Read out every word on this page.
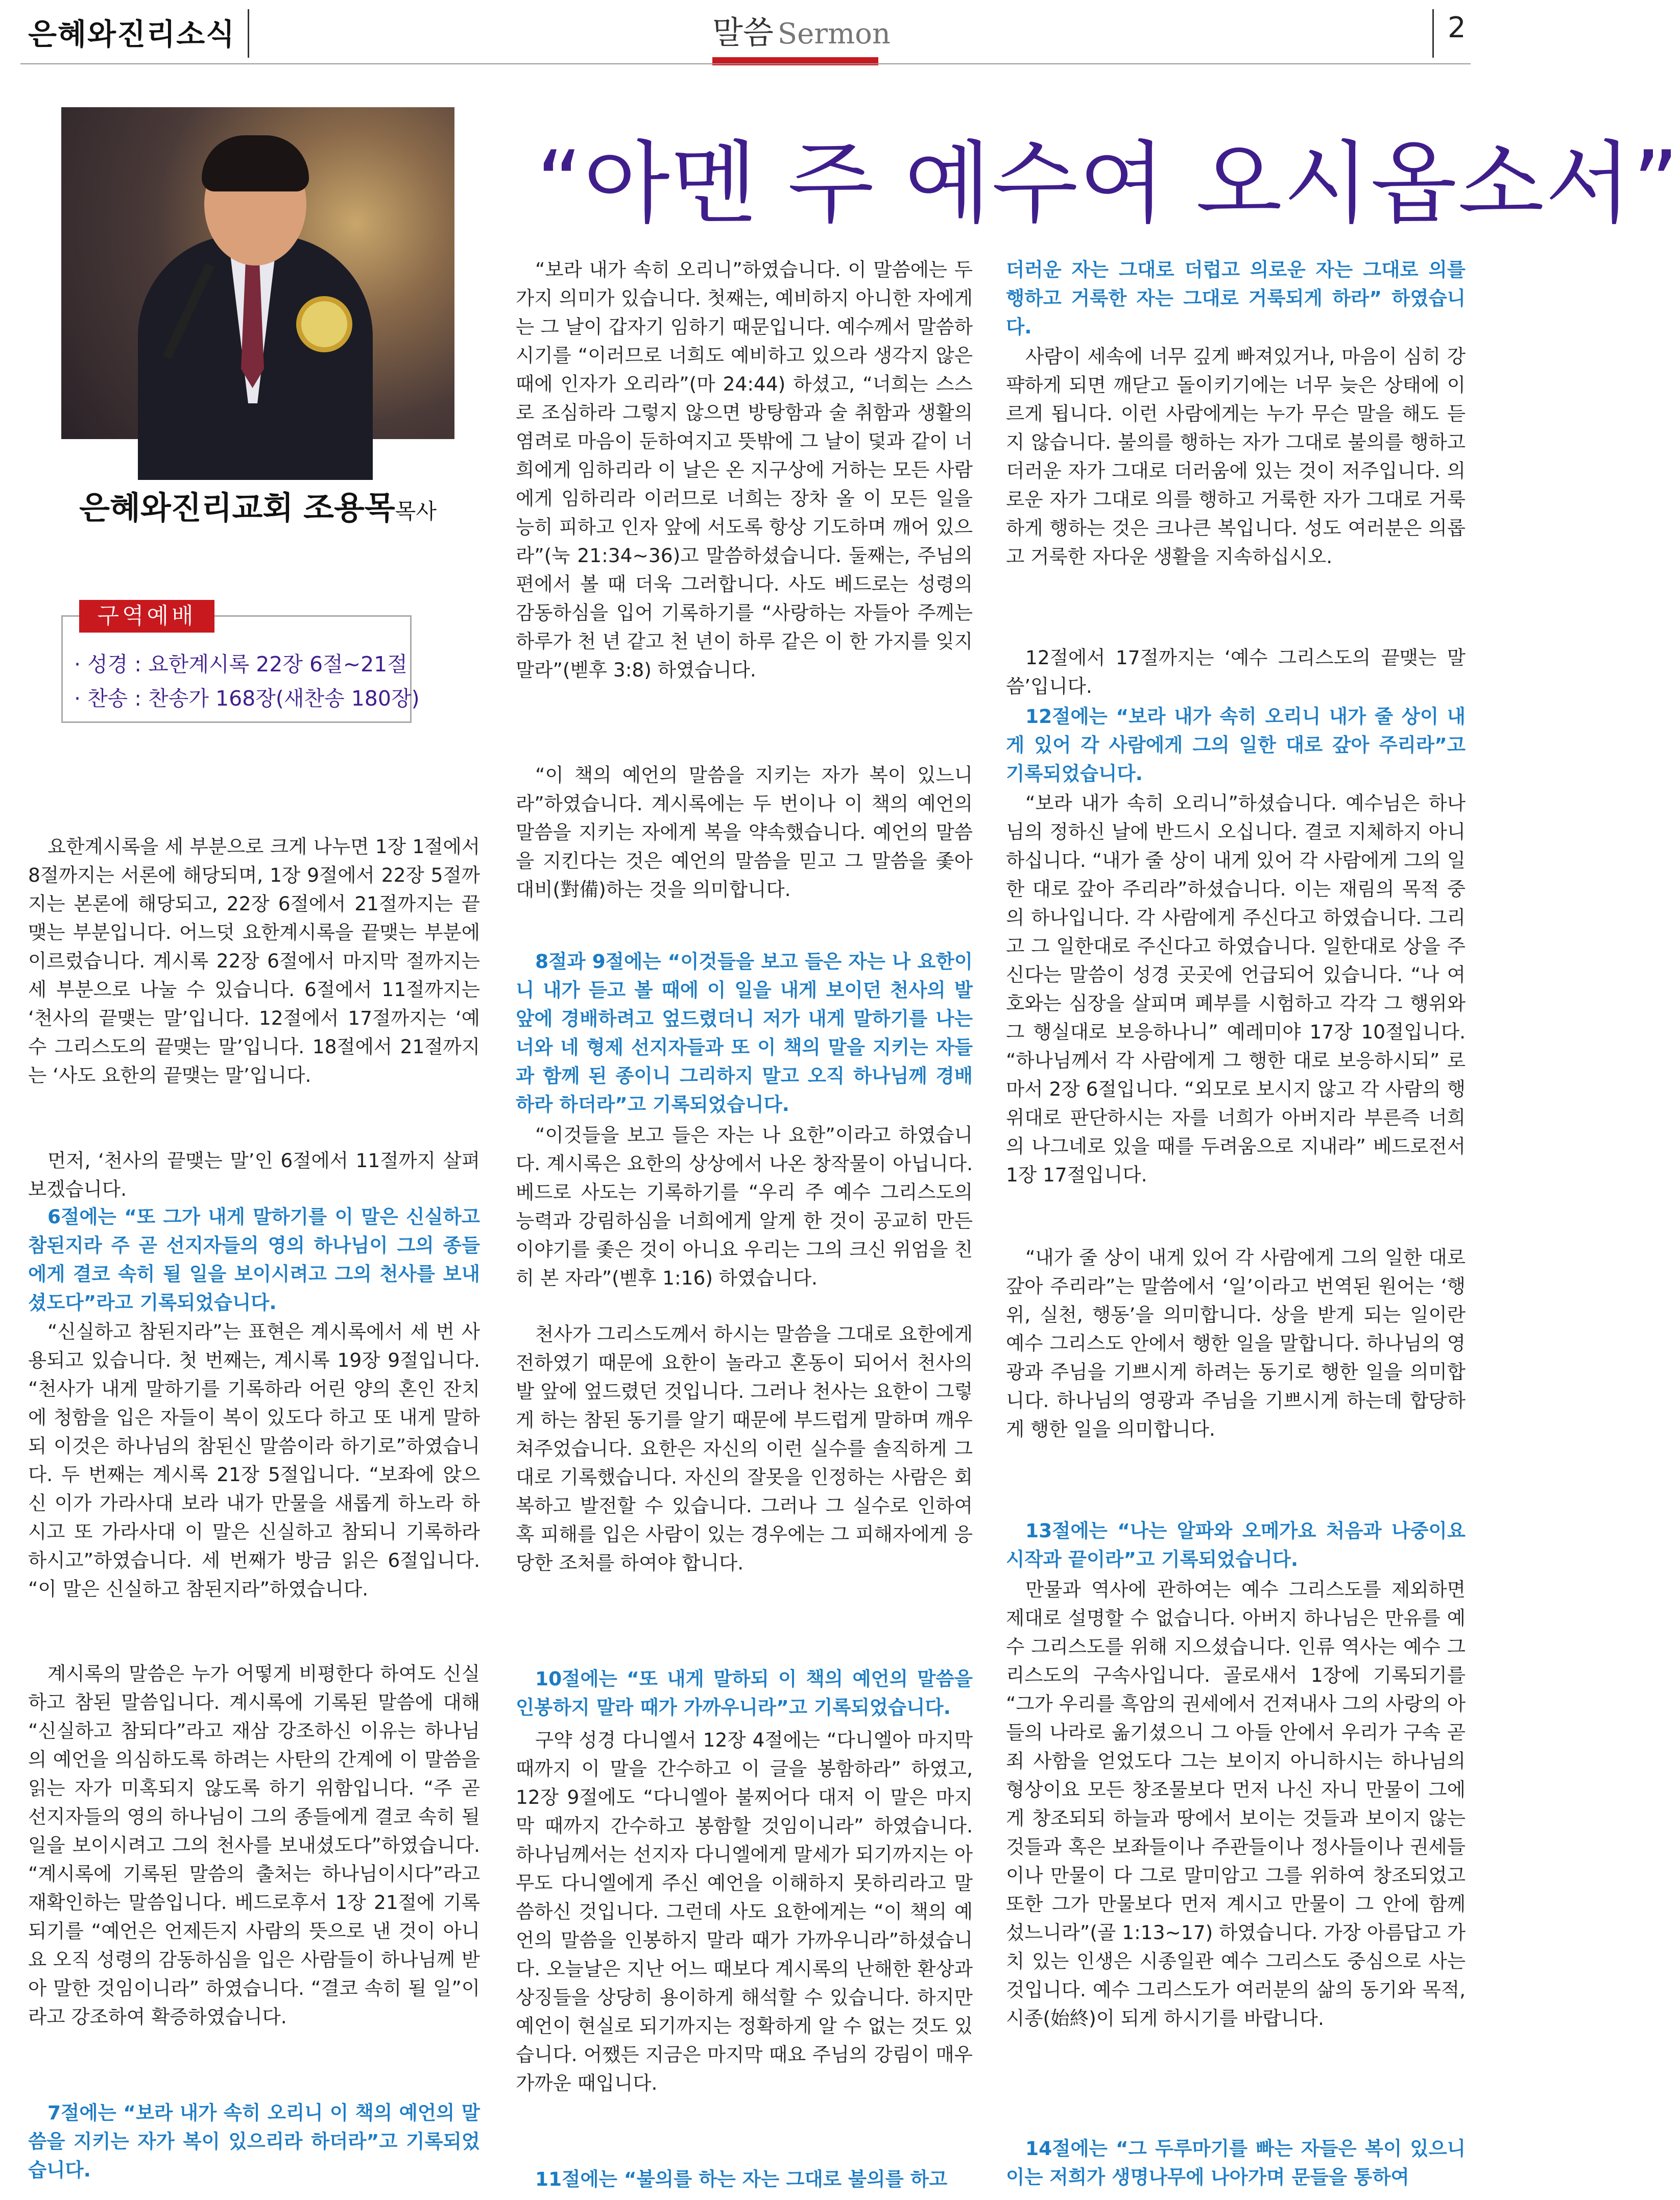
은혜와진리소식	말씀 Sermon	2
“아멘 주 예수여 오시옵소서”
은혜와진리교회 조용목목사
구역예배
· 성경 : 요한계시록 22장 6절~21절
· 찬송 : 찬송가 168장(새찬송 180장)
요한계시록을 세 부분으로 크게 나누면 1장 1절에서 8절까지는 서론에 해당되며, 1장 9절에서 22장 5절까지는 본론에 해당되고, 22장 6절에서 21절까지는 끝맺는 부분입니다. 어느덧 요한계시록을 끝맺는 부분에 이르렀습니다. 계시록 22장 6절에서 마지막 절까지는 세 부분으로 나눌 수 있습니다. 6절에서 11절까지는 ‘천사의 끝맺는 말’입니다. 12절에서 17절까지는 ‘예수 그리스도의 끝맺는 말’입니다. 18절에서 21절까지는 ‘사도 요한의 끝맺는 말’입니다.
먼저, ‘천사의 끝맺는 말’인 6절에서 11절까지 살펴보겠습니다.
6절에는 “또 그가 내게 말하기를 이 말은 신실하고 참된지라 주 곧 선지자들의 영의 하나님이 그의 종들에게 결코 속히 될 일을 보이시려고 그의 천사를 보내셨도다”라고 기록되었습니다.
“신실하고 참된지라”는 표현은 계시록에서 세 번 사용되고 있습니다. 첫 번째는, 계시록 19장 9절입니다. “천사가 내게 말하기를 기록하라 어린 양의 혼인 잔치에 청함을 입은 자들이 복이 있도다 하고 또 내게 말하되 이것은 하나님의 참된신 말씀이라 하기로”하였습니다. 두 번째는 계시록 21장 5절입니다. “보좌에 앉으신 이가 가라사대 보라 내가 만물을 새롭게 하노라 하시고 또 가라사대 이 말은 신실하고 참되니 기록하라 하시고”하였습니다. 세 번째가 방금 읽은 6절입니다. “이 말은 신실하고 참된지라”하였습니다.
계시록의 말씀은 누가 어떻게 비평한다 하여도 신실하고 참된 말씀입니다. 계시록에 기록된 말씀에 대해 “신실하고 참되다”라고 재삼 강조하신 이유는 하나님의 예언을 의심하도록 하려는 사탄의 간계에 이 말씀을 읽는 자가 미혹되지 않도록 하기 위함입니다. “주 곧 선지자들의 영의 하나님이 그의 종들에게 결코 속히 될 일을 보이시려고 그의 천사를 보내셨도다”하였습니다. “계시록에 기록된 말씀의 출처는 하나님이시다”라고 재확인하는 말씀입니다. 베드로후서 1장 21절에 기록되기를 “예언은 언제든지 사람의 뜻으로 낸 것이 아니요 오직 성령의 감동하심을 입은 사람들이 하나님께 받아 말한 것임이니라” 하였습니다. “결코 속히 될 일”이라고 강조하여 확증하였습니다.
7절에는 “보라 내가 속히 오리니 이 책의 예언의 말씀을 지키는 자가 복이 있으리라 하더라”고 기록되었습니다.
“보라 내가 속히 오리니”하였습니다. 이 말씀에는 두 가지 의미가 있습니다. 첫째는, 예비하지 아니한 자에게는 그 날이 갑자기 임하기 때문입니다. 예수께서 말씀하시기를 “이러므로 너희도 예비하고 있으라 생각지 않은 때에 인자가 오리라”(마 24:44) 하셨고, “너희는 스스로 조심하라 그렇지 않으면 방탕함과 술 취함과 생활의 염려로 마음이 둔하여지고 뜻밖에 그 날이 덫과 같이 너희에게 임하리라 이 날은 온 지구상에 거하는 모든 사람에게 임하리라 이러므로 너희는 장차 올 이 모든 일을 능히 피하고 인자 앞에 서도록 항상 기도하며 깨어 있으라”(눅 21:34~36)고 말씀하셨습니다. 둘째는, 주님의 편에서 볼 때 더욱 그러합니다. 사도 베드로는 성령의 감동하심을 입어 기록하기를 “사랑하는 자들아 주께는 하루가 천 년 같고 천 년이 하루 같은 이 한 가지를 잊지 말라”(벧후 3:8) 하였습니다.
“이 책의 예언의 말씀을 지키는 자가 복이 있느니라”하였습니다. 계시록에는 두 번이나 이 책의 예언의 말씀을 지키는 자에게 복을 약속했습니다. 예언의 말씀을 지킨다는 것은 예언의 말씀을 믿고 그 말씀을 좇아 대비(對備)하는 것을 의미합니다.
8절과 9절에는 “이것들을 보고 들은 자는 나 요한이니 내가 듣고 볼 때에 이 일을 내게 보이던 천사의 발 앞에 경배하려고 엎드렸더니 저가 내게 말하기를 나는 너와 네 형제 선지자들과 또 이 책의 말을 지키는 자들과 함께 된 종이니 그리하지 말고 오직 하나님께 경배하라 하더라”고 기록되었습니다.
“이것들을 보고 들은 자는 나 요한”이라고 하였습니다. 계시록은 요한의 상상에서 나온 창작물이 아닙니다. 베드로 사도는 기록하기를 “우리 주 예수 그리스도의 능력과 강림하심을 너희에게 알게 한 것이 공교히 만든 이야기를 좇은 것이 아니요 우리는 그의 크신 위엄을 친히 본 자라”(벧후 1:16) 하였습니다.
천사가 그리스도께서 하시는 말씀을 그대로 요한에게 전하였기 때문에 요한이 놀라고 혼동이 되어서 천사의 발 앞에 엎드렸던 것입니다. 그러나 천사는 요한이 그렇게 하는 참된 동기를 알기 때문에 부드럽게 말하며 깨우쳐주었습니다. 요한은 자신의 이런 실수를 솔직하게 그대로 기록했습니다. 자신의 잘못을 인정하는 사람은 회복하고 발전할 수 있습니다. 그러나 그 실수로 인하여 혹 피해를 입은 사람이 있는 경우에는 그 피해자에게 응당한 조처를 하여야 합니다.
10절에는 “또 내게 말하되 이 책의 예언의 말씀을 인봉하지 말라 때가 가까우니라”고 기록되었습니다.
구약 성경 다니엘서 12장 4절에는 “다니엘아 마지막 때까지 이 말을 간수하고 이 글을 봉함하라” 하였고, 12장 9절에도 “다니엘아 불찌어다 대저 이 말은 마지막 때까지 간수하고 봉함할 것임이니라” 하였습니다. 하나님께서는 선지자 다니엘에게 말세가 되기까지는 아무도 다니엘에게 주신 예언을 이해하지 못하리라고 말씀하신 것입니다. 그런데 사도 요한에게는 “이 책의 예언의 말씀을 인봉하지 말라 때가 가까우니라”하셨습니다. 오늘날은 지난 어느 때보다 계시록의 난해한 환상과 상징들을 상당히 용이하게 해석할 수 있습니다. 하지만 예언이 현실로 되기까지는 정확하게 알 수 없는 것도 있습니다. 어쨌든 지금은 마지막 때요 주님의 강림이 매우 가까운 때입니다.
11절에는 “불의를 하는 자는 그대로 불의를 하고
더러운 자는 그대로 더럽고 의로운 자는 그대로 의를 행하고 거룩한 자는 그대로 거룩되게 하라” 하였습니다.
사람이 세속에 너무 깊게 빠져있거나, 마음이 심히 강퍅하게 되면 깨닫고 돌이키기에는 너무 늦은 상태에 이르게 됩니다. 이런 사람에게는 누가 무슨 말을 해도 듣지 않습니다. 불의를 행하는 자가 그대로 불의를 행하고 더러운 자가 그대로 더러움에 있는 것이 저주입니다. 의로운 자가 그대로 의를 행하고 거룩한 자가 그대로 거룩하게 행하는 것은 크나큰 복입니다. 성도 여러분은 의롭고 거룩한 자다운 생활을 지속하십시오.
12절에서 17절까지는 ‘예수 그리스도의 끝맺는 말씀’입니다.
12절에는 “보라 내가 속히 오리니 내가 줄 상이 내게 있어 각 사람에게 그의 일한 대로 갚아 주리라”고 기록되었습니다.
“보라 내가 속히 오리니”하셨습니다. 예수님은 하나님의 정하신 날에 반드시 오십니다. 결코 지체하지 아니하십니다. “내가 줄 상이 내게 있어 각 사람에게 그의 일한 대로 갚아 주리라”하셨습니다. 이는 재림의 목적 중의 하나입니다. 각 사람에게 주신다고 하였습니다. 그리고 그 일한대로 주신다고 하였습니다. 일한대로 상을 주신다는 말씀이 성경 곳곳에 언급되어 있습니다. “나 여호와는 심장을 살피며 폐부를 시험하고 각각 그 행위와 그 행실대로 보응하나니” 예레미야 17장 10절입니다. “하나님께서 각 사람에게 그 행한 대로 보응하시되” 로마서 2장 6절입니다. “외모로 보시지 않고 각 사람의 행위대로 판단하시는 자를 너희가 아버지라 부른즉 너희의 나그네로 있을 때를 두려움으로 지내라” 베드로전서 1장 17절입니다.
“내가 줄 상이 내게 있어 각 사람에게 그의 일한 대로 갚아 주리라”는 말씀에서 ‘일’이라고 번역된 원어는 ‘행위, 실천, 행동’을 의미합니다. 상을 받게 되는 일이란 예수 그리스도 안에서 행한 일을 말합니다. 하나님의 영광과 주님을 기쁘시게 하려는 동기로 행한 일을 의미합니다. 하나님의 영광과 주님을 기쁘시게 하는데 합당하게 행한 일을 의미합니다.
13절에는 “나는 알파와 오메가요 처음과 나중이요 시작과 끝이라”고 기록되었습니다.
만물과 역사에 관하여는 예수 그리스도를 제외하면 제대로 설명할 수 없습니다. 아버지 하나님은 만유를 예수 그리스도를 위해 지으셨습니다. 인류 역사는 예수 그리스도의 구속사입니다. 골로새서 1장에 기록되기를 “그가 우리를 흑암의 권세에서 건져내사 그의 사랑의 아들의 나라로 옮기셨으니 그 아들 안에서 우리가 구속 곧 죄 사함을 얻었도다 그는 보이지 아니하시는 하나님의 형상이요 모든 창조물보다 먼저 나신 자니 만물이 그에게 창조되되 하늘과 땅에서 보이는 것들과 보이지 않는 것들과 혹은 보좌들이나 주관들이나 정사들이나 권세들이나 만물이 다 그로 말미암고 그를 위하여 창조되었고 또한 그가 만물보다 먼저 계시고 만물이 그 안에 함께 섰느니라”(골 1:13~17) 하였습니다. 가장 아름답고 가치 있는 인생은 시종일관 예수 그리스도 중심으로 사는 것입니다. 예수 그리스도가 여러분의 삶의 동기와 목적, 시종(始終)이 되게 하시기를 바랍니다.
14절에는 “그 두루마기를 빠는 자들은 복이 있으니 이는 저희가 생명나무에 나아가며 문들을 통하여
